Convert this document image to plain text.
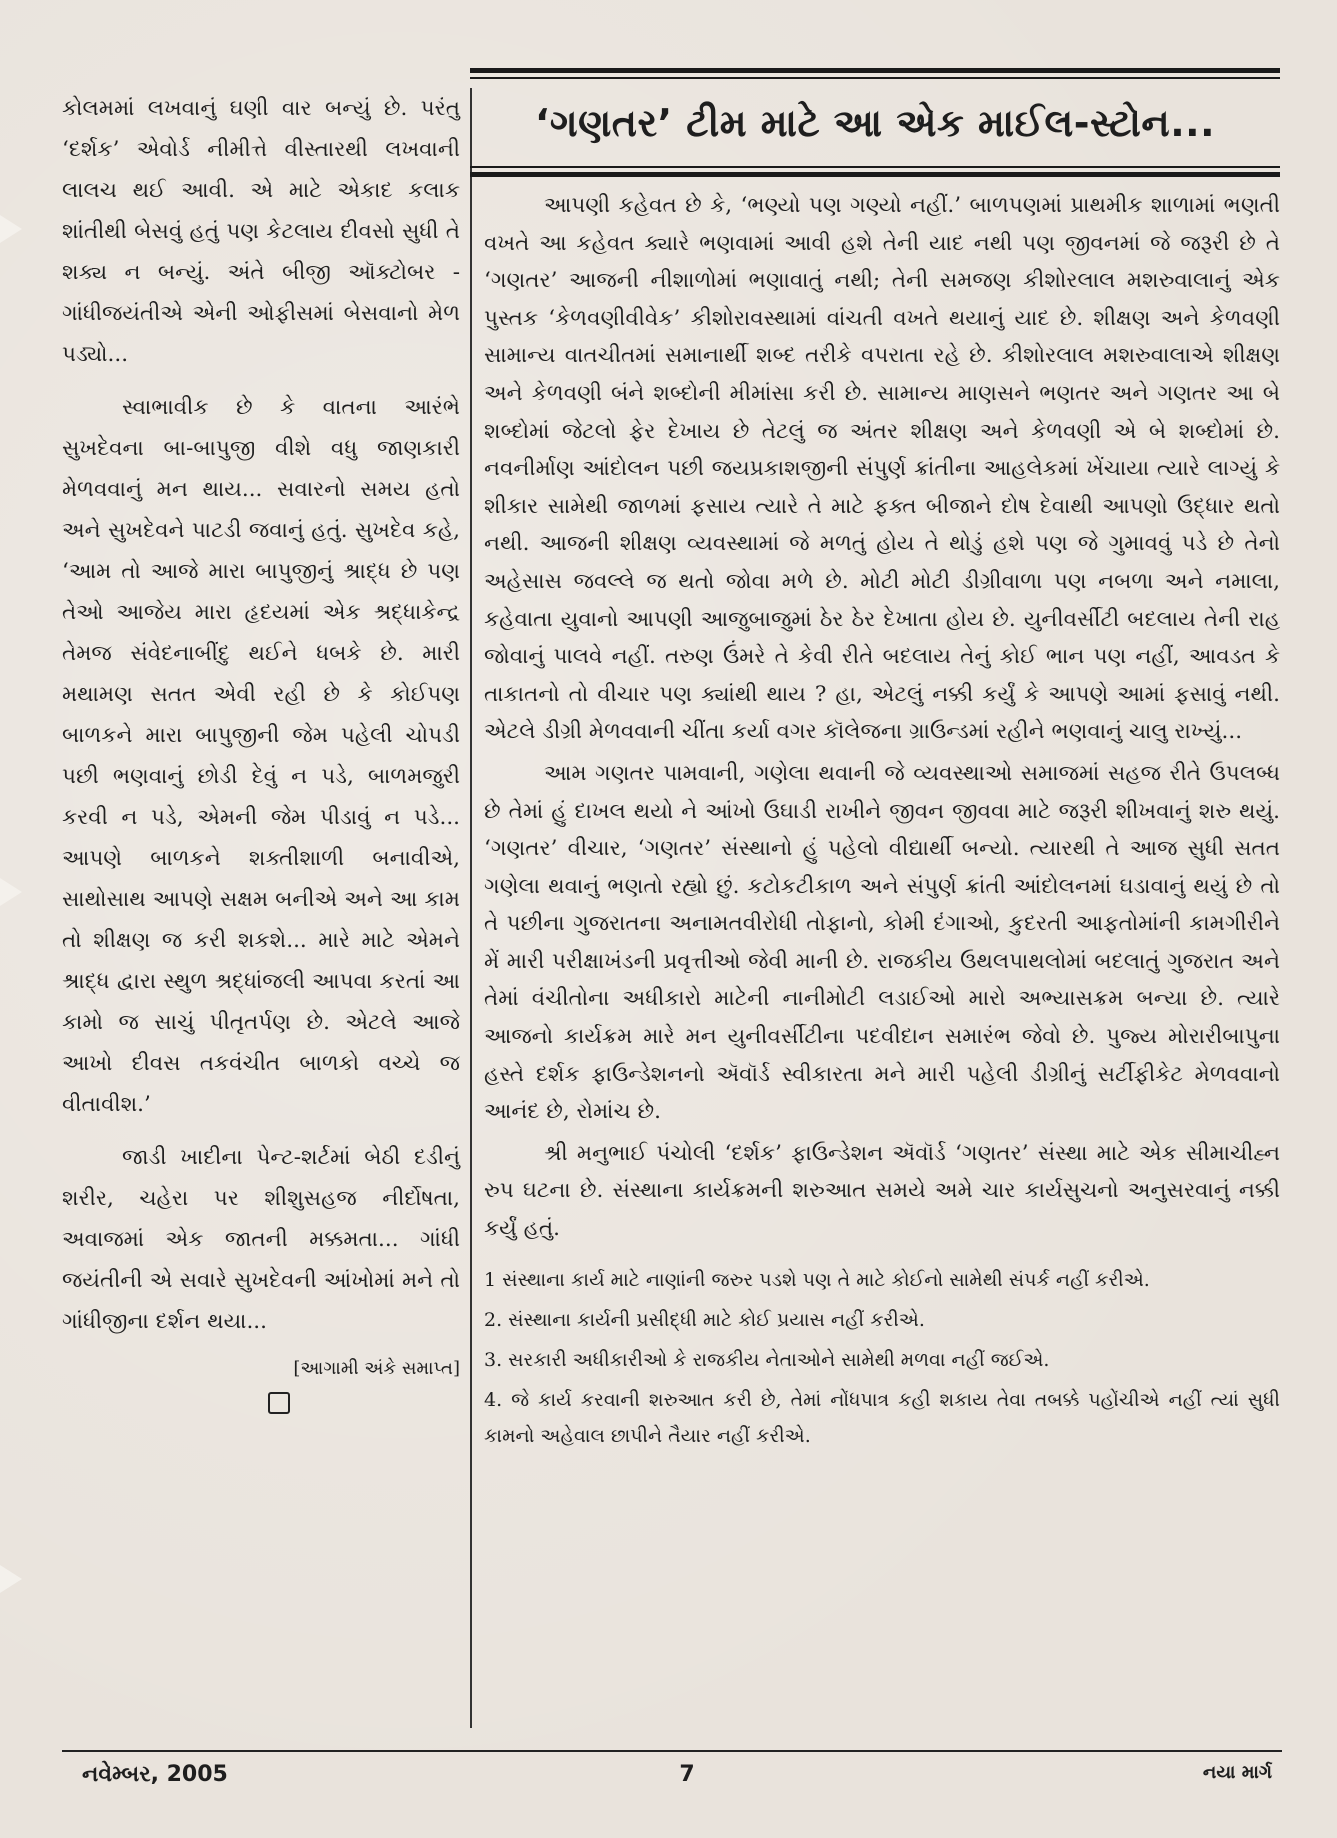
કોલમમાં લખવાનું ઘણી વાર બન્યું છે. પરંતુ ‘દર્શક’ એવોર્ડ નીમીત્તે વીસ્તારથી લખવાની લાલચ થઈ આવી. એ માટે એકાદ કલાક શાંતીથી બેસવું હતું પણ કેટલાય દીવસો સુધી તે શક્ય ન બન્યું. અંતે બીજી ઑક્ટોબર - ગાંધીજયંતીએ એની ઓફીસમાં બેસવાનો મેળ પડ્યો...

સ્વાભાવીક છે કે વાતના આરંભે સુખદેવના બા-બાપુજી વીશે વધુ જાણકારી મેળવવાનું મન થાય... સવારનો સમય હતો અને સુખદેવને પાટડી જવાનું હતું. સુખદેવ કહે, ‘આમ તો આજે મારા બાપુજીનું શ્રાદ્ધ છે પણ તેઓ આજેય મારા હૃદયમાં એક શ્રદ્ધાકેન્દ્ર તેમજ સંવેદનાબીંદુ થઈને ધબકે છે. મારી મથામણ સતત એવી રહી છે કે કોઈપણ બાળકને મારા બાપુજીની જેમ પહેલી ચોપડી પછી ભણવાનું છોડી દેવું ન પડે, બાળમજુરી કરવી ન પડે, એમની જેમ પીડાવું ન પડે... આપણે બાળકને શક્તીશાળી બનાવીએ, સાથોસાથ આપણે સક્ષમ બનીએ અને આ કામ તો શીક્ષણ જ કરી શકશે... મારે માટે એમને શ્રાદ્ધ દ્વારા સ્થુળ શ્રદ્ધાંજલી આપવા કરતાં આ કામો જ સાચું પીતૃતર્પણ છે. એટલે આજે આખો દીવસ તકવંચીત બાળકો વચ્ચે જ વીતાવીશ.’

જાડી ખાદીના પેન્ટ-શર્ટમાં બેઠી દડીનું શરીર, ચહેરા પર શીશુસહજ નીર્દોષતા, અવાજમાં એક જાતની મક્કમતા... ગાંધી જયંતીની એ સવારે સુખદેવની આંખોમાં મને તો ગાંધીજીના દર્શન થયા...

[આગામી અંકે સમાપ્ત]
‘ગણતર’ ટીમ માટે આ એક માઈલ-સ્ટોન...

આપણી કહેવત છે કે, ‘ભણ્યો પણ ગણ્યો નહીં.’ બાળપણમાં પ્રાથમીક શાળામાં ભણતી વખતે આ કહેવત ક્યારે ભણવામાં આવી હશે તેની યાદ નથી પણ જીવનમાં જે જરૂરી છે તે ‘ગણતર’ આજની નીશાળોમાં ભણાવાતું નથી; તેની સમજણ કીશોરલાલ મશરુવાલાનું એક પુસ્તક ‘કેળવણીવીવેક’ કીશોરાવસ્થામાં વાંચતી વખતે થયાનું યાદ છે. શીક્ષણ અને કેળવણી સામાન્ય વાતચીતમાં સમાનાર્થી શબ્દ તરીકે વપરાતા રહે છે. કીશોરલાલ મશરુવાલાએ શીક્ષણ અને કેળવણી બંને શબ્દોની મીમાંસા કરી છે. સામાન્ય માણસને ભણતર અને ગણતર આ બે શબ્દોમાં જેટલો ફેર દેખાય છે તેટલું જ અંતર શીક્ષણ અને કેળવણી એ બે શબ્દોમાં છે. નવનીર્માણ આંદોલન પછી જયપ્રકાશજીની સંપુર્ણ ક્રાંતીના આહલેકમાં ખેંચાયા ત્યારે લાગ્યું કે શીકાર સામેથી જાળમાં ફસાય ત્યારે તે માટે ફક્ત બીજાને દોષ દેવાથી આપણો ઉદ્ધાર થતો નથી. આજની શીક્ષણ વ્યવસ્થામાં જે મળતું હોય તે થોડું હશે પણ જે ગુમાવવું પડે છે તેનો અહેસાસ જવલ્લે જ થતો જોવા મળે છે. મોટી મોટી ડીગ્રીવાળા પણ નબળા અને નમાલા, કહેવાતા યુવાનો આપણી આજુબાજુમાં ઠેર ઠેર દેખાતા હોય છે. યુનીવર્સીટી બદલાય તેની રાહ જોવાનું પાલવે નહીં. તરુણ ઉંમરે તે કેવી રીતે બદલાય તેનું કોઈ ભાન પણ નહીં, આવડત કે તાકાતનો તો વીચાર પણ ક્યાંથી થાય ? હા, એટલું નક્કી કર્યું કે આપણે આમાં ફસાવું નથી. એટલે ડીગ્રી મેળવવાની ચીંતા કર્યા વગર કૉલેજના ગ્રાઉન્ડમાં રહીને ભણવાનું ચાલુ રાખ્યું...

આમ ગણતર પામવાની, ગણેલા થવાની જે વ્યવસ્થાઓ સમાજમાં સહજ રીતે ઉપલબ્ધ છે તેમાં હું દાખલ થયો ને આંખો ઉઘાડી રાખીને જીવન જીવવા માટે જરૂરી શીખવાનું શરુ થયું. ‘ગણતર’ વીચાર, ‘ગણતર’ સંસ્થાનો હું પહેલો વીદ્યાર્થી બન્યો. ત્યારથી તે આજ સુધી સતત ગણેલા થવાનું ભણતો રહ્યો છું. કટોકટીકાળ અને સંપુર્ણ ક્રાંતી આંદોલનમાં ઘડાવાનું થયું છે તો તે પછીના ગુજરાતના અનામતવીરોધી તોફાનો, કોમી દંગાઓ, કુદરતી આફતોમાંની કામગીરીને મેં મારી પરીક્ષાખંડની પ્રવૃત્તીઓ જેવી માની છે. રાજકીય ઉથલપાથલોમાં બદલાતું ગુજરાત અને તેમાં વંચીતોના અધીકારો માટેની નાનીમોટી લડાઈઓ મારો અભ્યાસક્રમ બન્યા છે. ત્યારે આજનો કાર્યક્રમ મારે મન યુનીવર્સીટીના પદવીદાન સમારંભ જેવો છે. પુજ્ય મોરારીબાપુના હસ્તે દર્શક ફાઉન્ડેશનનો ઍવૉર્ડ સ્વીકારતા મને મારી પહેલી ડીગ્રીનું સર્ટીફીકેટ મેળવવાનો આનંદ છે, રોમાંચ છે.

શ્રી મનુભાઈ પંચોલી ‘દર્શક’ ફાઉન્ડેશન ઍવૉર્ડ ‘ગણતર’ સંસ્થા માટે એક સીમાચીહ્ન રુપ ઘટના છે. સંસ્થાના કાર્યક્રમની શરુઆત સમયે અમે ચાર કાર્યસુચનો અનુસરવાનું નક્કી કર્યું હતું.

1 સંસ્થાના કાર્ય માટે નાણાંની જરુર પડશે પણ તે માટે કોઈનો સામેથી સંપર્ક નહીં કરીએ.
2. સંસ્થાના કાર્યની પ્રસીદ્ધી માટે કોઈ પ્રયાસ નહીં કરીએ.
3. સરકારી અધીકારીઓ કે રાજકીય નેતાઓને સામેથી મળવા નહીં જઈએ.
4. જે કાર્ય કરવાની શરુઆત કરી છે, તેમાં નોંધપાત્ર કહી શકાય તેવા તબક્કે પહોંચીએ નહીં ત્યાં સુધી કામનો અહેવાલ છાપીને તૈયાર નહીં કરીએ.
નવેમ્બર, 2005	7	નયા માર્ગ
